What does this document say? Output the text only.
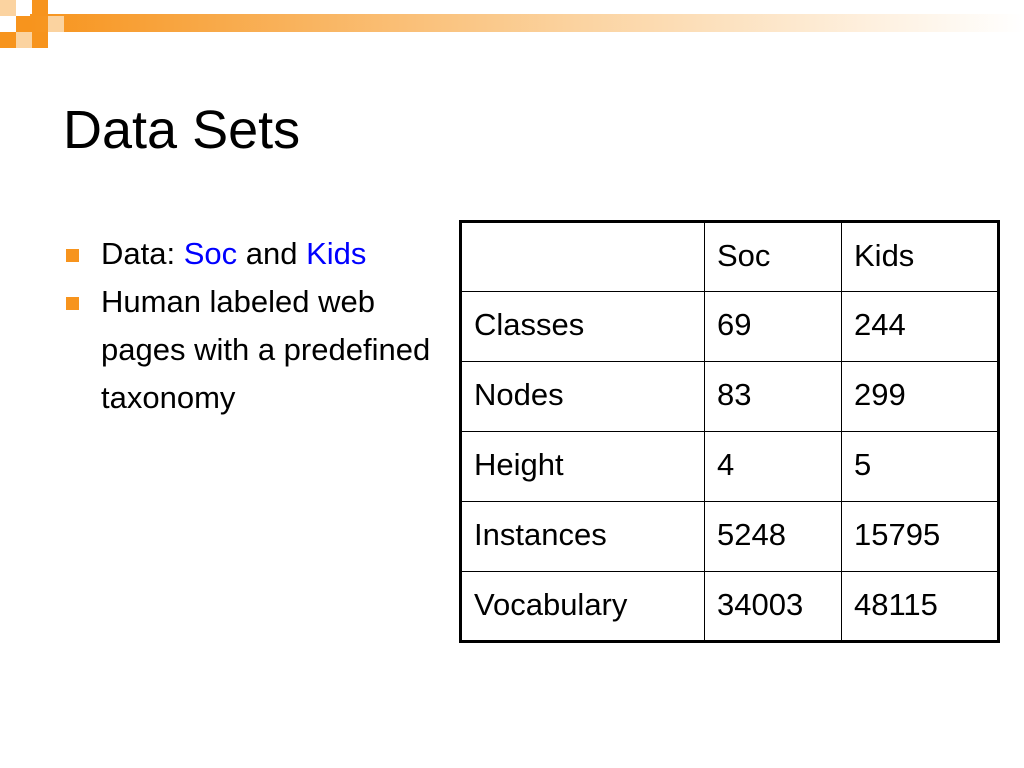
Data Sets
Data: Soc and Kids
Human labeled web pages with a predefined taxonomy
	Soc	Kids
Classes	69	244
Nodes	83	299
Height	4	5
Instances	5248	15795
Vocabulary	34003	48115
